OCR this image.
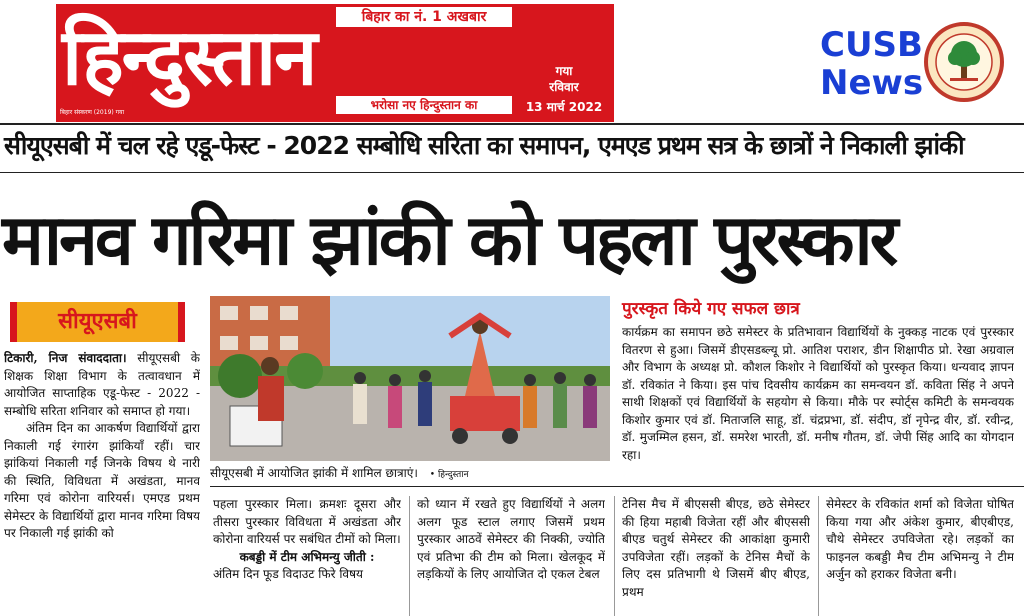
हिन्दुस्तान	बिहार का नं. 1 अखबार
भरोसा नए हिन्दुस्तान का
बिहार संस्करण (2019) गया
गया
रविवार
13 मार्च 2022
CUSB
News
सीयूएसबी में चल रहे एडू-फेस्ट - 2022 सम्बोधि सरिता का समापन, एमएड प्रथम सत्र के छात्रों ने निकाली झांकी
मानव गरिमा झांकी को पहला पुरस्कार
सीयूएसबी
टिकारी, निज संवाददाता। सीयूएसबी के शिक्षक शिक्षा विभाग के तत्वावधान में आयोजित साप्ताहिक एडू-फेस्ट - 2022 - सम्बोधि सरिता शनिवार को समाप्त हो गया।
अंतिम दिन का आकर्षण विद्यार्थियों द्वारा निकाली गई रंगारंग झांकियाँ रहीं। चार झांकियां निकाली गईं जिनके विषय थे नारी की स्थिति, विविधता में अखंडता, मानव गरिमा एवं कोरोना वारियर्स। एमएड प्रथम सेमेस्टर के विद्यार्थियों द्वारा मानव गरिमा विषय पर निकाली गई झांकी को
सीयूएसबी में आयोजित झांकी में शामिल छात्राएं। • हिन्दुस्तान
पुरस्कृत किये गए सफल छात्र
कार्यक्रम का समापन छठे समेस्टर के प्रतिभावान विद्यार्थियों के नुक्कड़ नाटक एवं पुरस्कार वितरण से हुआ। जिसमें डीएसडब्ल्यू प्रो. आतिश पराशर, डीन शिक्षापीठ प्रो. रेखा अग्रवाल और विभाग के अध्यक्ष प्रो. कौशल किशोर ने विद्यार्थियों को पुरस्कृत किया। धन्यवाद ज्ञापन डॉ. रविकांत ने किया। इस पांच दिवसीय कार्यक्रम का समन्वयन डॉ. कविता सिंह ने अपने साथी शिक्षकों एवं विद्यार्थियों के सहयोग से किया। मौके पर स्पोर्ट्स कमिटी के समन्वयक किशोर कुमार एवं डॉ. मिताजलि साहू, डॉ. चंद्रप्रभा, डॉ. संदीप, डॉ नृपेन्द्र वीर, डॉ. रवीन्द्र, डॉ. मुजम्मिल हसन, डॉ. समरेश भारती, डॉ. मनीष गौतम, डॉ. जेपी सिंह आदि का योगदान रहा।
पहला पुरस्कार मिला। क्रमशः दूसरा और तीसरा पुरस्कार विविधता में अखंडता और कोरोना वारियर्स पर सबंधित टीमों को मिला।
कबड्डी में टीम अभिमन्यु जीती :
अंतिम दिन फूड विदाउट फिरे विषय
को ध्यान में रखते हुए विद्यार्थियों ने अलग अलग फूड स्टाल लगाए जिसमें प्रथम पुरस्कार आठवें सेमेस्टर की निक्की, ज्योति एवं प्रतिभा की टीम को मिला। खेलकूद में लड़कियों के लिए आयोजित दो एकल टेबल
टेनिस मैच में बीएससी बीएड, छठे सेमेस्टर की हिया महाबी विजेता रहीं और बीएससी बीएड चतुर्थ सेमेस्टर की आकांक्षा कुमारी उपविजेता रहीं। लड़कों के टेनिस मैचों के लिए दस प्रतिभागी थे जिसमें बीए बीएड, प्रथम
सेमेस्टर के रविकांत शर्मा को विजेता घोषित किया गया और अंकेश कुमार, बीएबीएड, चौथे सेमेस्टर उपविजेता रहे। लड़कों का फाइनल कबड्डी मैच टीम अभिमन्यु ने टीम अर्जुन को हराकर विजेता बनी।
